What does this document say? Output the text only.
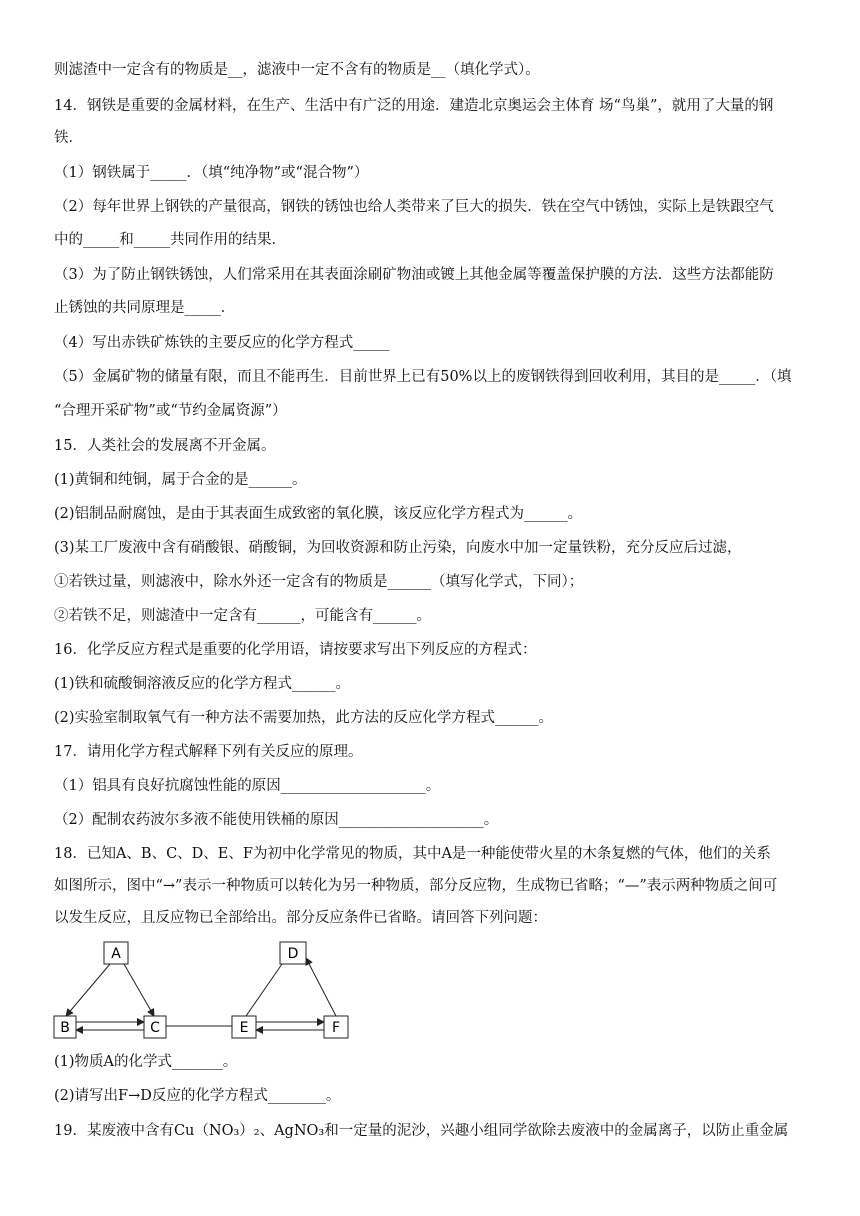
则滤渣中一定含有的物质是__，滤液中一定不含有的物质是__（填化学式）。
14．钢铁是重要的金属材料，在生产、生活中有广泛的用途．建造北京奥运会主体育 场“鸟巢”，就用了大量的钢
铁．
（1）钢铁属于_____．（填“纯净物”或“混合物”）
（2）每年世界上钢铁的产量很高，钢铁的锈蚀也给人类带来了巨大的损失．铁在空气中锈蚀，实际上是铁跟空气
中的_____和_____共同作用的结果．
（3）为了防止钢铁锈蚀，人们常采用在其表面涂刷矿物油或镀上其他金属等覆盖保护膜的方法．这些方法都能防
止锈蚀的共同原理是_____．
（4）写出赤铁矿炼铁的主要反应的化学方程式_____
（5）金属矿物的储量有限，而且不能再生．目前世界上已有50%以上的废钢铁得到回收利用，其目的是_____．（填
“合理开采矿物”或“节约金属资源”）
15．人类社会的发展离不开金属。
(1)黄铜和纯铜，属于合金的是______。
(2)铝制品耐腐蚀，是由于其表面生成致密的氧化膜，该反应化学方程式为______。
(3)某工厂废液中含有硝酸银、硝酸铜，为回收资源和防止污染，向废水中加一定量铁粉，充分反应后过滤，
①若铁过量，则滤液中，除水外还一定含有的物质是______（填写化学式，下同）；
②若铁不足，则滤渣中一定含有______，可能含有______。
16．化学反应方程式是重要的化学用语，请按要求写出下列反应的方程式：
(1)铁和硫酸铜溶液反应的化学方程式______。
(2)实验室制取氧气有一种方法不需要加热，此方法的反应化学方程式______。
17．请用化学方程式解释下列有关反应的原理。
（1）铝具有良好抗腐蚀性能的原因____________________。
（2）配制农药波尔多液不能使用铁桶的原因____________________。
18．已知A、B、C、D、E、F为初中化学常见的物质，其中A是一种能使带火星的木条复燃的气体，他们的关系
如图所示，图中“→”表示一种物质可以转化为另一种物质，部分反应物，生成物已省略；“—”表示两种物质之间可
以发生反应，且反应物已全部给出。部分反应条件已省略。请回答下列问题：
A
B	C
D
E	F
(1)物质A的化学式_______。
(2)请写出F→D反应的化学方程式________。
19．某废液中含有Cu（NO₃）₂、AgNO₃和一定量的泥沙，兴趣小组同学欲除去废液中的金属离子，以防止重金属
